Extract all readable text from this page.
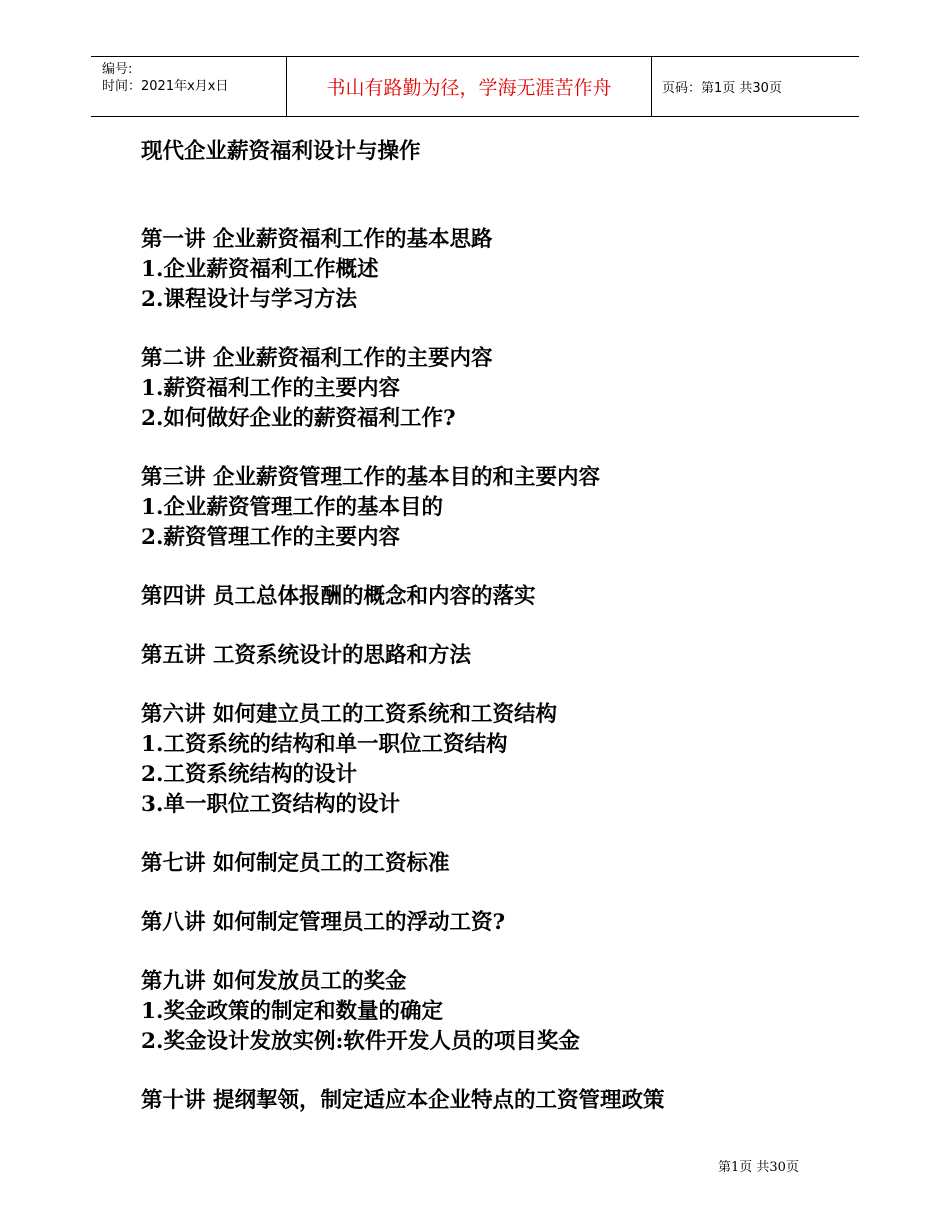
编号:
时间：2021年x月x日	书山有路勤为径，学海无涯苦作舟	页码：第1页 共30页
现代企业薪资福利设计与操作
第一讲 企业薪资福利工作的基本思路
1.企业薪资福利工作概述
2.课程设计与学习方法
第二讲 企业薪资福利工作的主要内容
1.薪资福利工作的主要内容
2.如何做好企业的薪资福利工作?
第三讲 企业薪资管理工作的基本目的和主要内容
1.企业薪资管理工作的基本目的
2.薪资管理工作的主要内容
第四讲 员工总体报酬的概念和内容的落实
第五讲 工资系统设计的思路和方法
第六讲 如何建立员工的工资系统和工资结构
1.工资系统的结构和单一职位工资结构
2.工资系统结构的设计
3.单一职位工资结构的设计
第七讲 如何制定员工的工资标准
第八讲 如何制定管理员工的浮动工资?
第九讲 如何发放员工的奖金
1.奖金政策的制定和数量的确定
2.奖金设计发放实例:软件开发人员的项目奖金
第十讲 提纲挈领，制定适应本企业特点的工资管理政策
第1页 共30页
